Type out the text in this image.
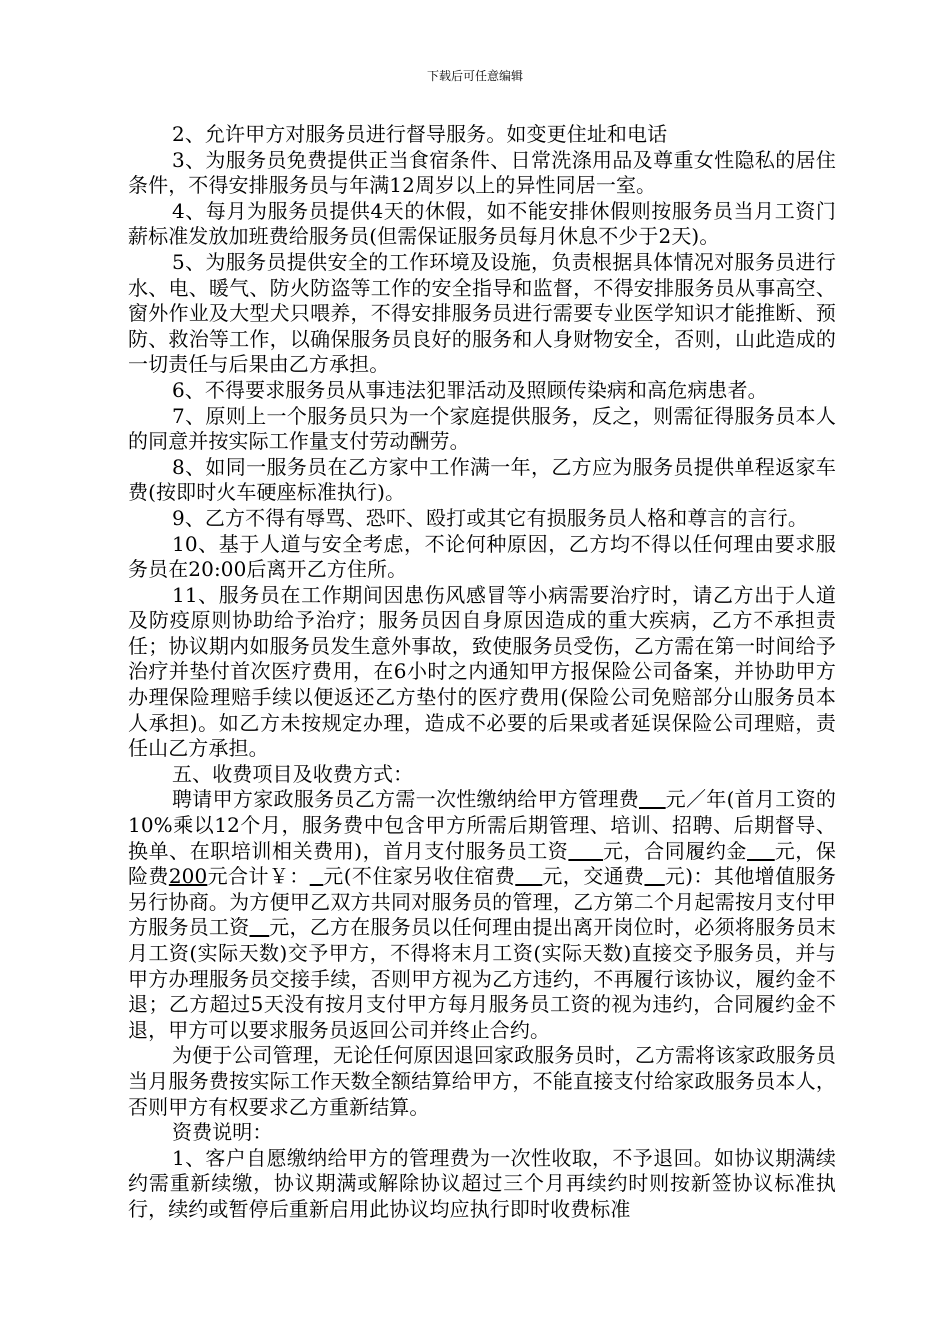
下载后可任意编辑

2、允许甲方对服务员进行督导服务。如变更住址和电话

3、为服务员免费提供正当食宿条件、日常洗涤用品及尊重女性隐私的居住条件，不得安排服务员与年满12周岁以上的异性同居一室。

4、每月为服务员提供4天的休假，如不能安排休假则按服务员当月工资门薪标准发放加班费给服务员(但需保证服务员每月休息不少于2天)。

5、为服务员提供安全的工作环境及设施，负责根据具体情况对服务员进行水、电、暖气、防火防盗等工作的安全指导和监督，不得安排服务员从事高空、窗外作业及大型犬只喂养，不得安排服务员进行需要专业医学知识才能推断、预防、救治等工作，以确保服务员良好的服务和人身财物安全，否则，山此造成的一切责任与后果由乙方承担。

6、不得要求服务员从事违法犯罪活动及照顾传染病和高危病患者。

7、原则上一个服务员只为一个家庭提供服务，反之，则需征得服务员本人的同意并按实际工作量支付劳动酬劳。

8、如同一服务员在乙方家中工作满一年，乙方应为服务员提供单程返家车费(按即时火车硬座标准执行)。

9、乙方不得有辱骂、恐吓、殴打或其它有损服务员人格和尊言的言行。

10、基于人道与安全考虑，不论何种原因，乙方均不得以任何理由要求服务员在20:00后离开乙方住所。

11、服务员在工作期间因患伤风感冒等小病需要治疗时，请乙方出于人道及防疫原则协助给予治疗；服务员因自身原因造成的重大疾病，乙方不承担责任；协议期内如服务员发生意外事故，致使服务员受伤，乙方需在第一时间给予治疗并垫付首次医疗费用，在6小时之内通知甲方报保险公司备案，并协助甲方办理保险理赔手续以便返还乙方垫付的医疗费用(保险公司免赔部分山服务员本人承担)。如乙方未按规定办理，造成不必要的后果或者延误保险公司理赔，责任山乙方承担。

五、收费项目及收费方式：

聘请甲方家政服务员乙方需一次性缴纳给甲方管理费 元／年(首月工资的10%乘以12个月，服务费中包含甲方所需后期管理、培训、招聘、后期督导、换单、在职培训相关费用)，首月支付服务员工资 元，合同履约金 元，保险费200元合计￥： 元(不住家另收住宿费 元，交通费 元)：其他增值服务另行协商。为方便甲乙双方共同对服务员的管理，乙方第二个月起需按月支付甲方服务员工资 元，乙方在服务员以任何理由提出离开岗位时，必须将服务员末月工资(实际天数)交予甲方，不得将末月工资(实际天数)直接交予服务员，并与甲方办理服务员交接手续，否则甲方视为乙方违约，不再履行该协议，履约金不退；乙方超过5天没有按月支付甲方每月服务员工资的视为违约，合同履约金不退，甲方可以要求服务员返回公司并终止合约。

为便于公司管理，无论任何原因退回家政服务员时，乙方需将该家政服务员当月服务费按实际工作天数全额结算给甲方，不能直接支付给家政服务员本人，否则甲方有权要求乙方重新结算。

资费说明：

1、客户自愿缴纳给甲方的管理费为一次性收取，不予退回。如协议期满续约需重新续缴，协议期满或解除协议超过三个月再续约时则按新签协议标准执行，续约或暂停后重新启用此协议均应执行即时收费标准
